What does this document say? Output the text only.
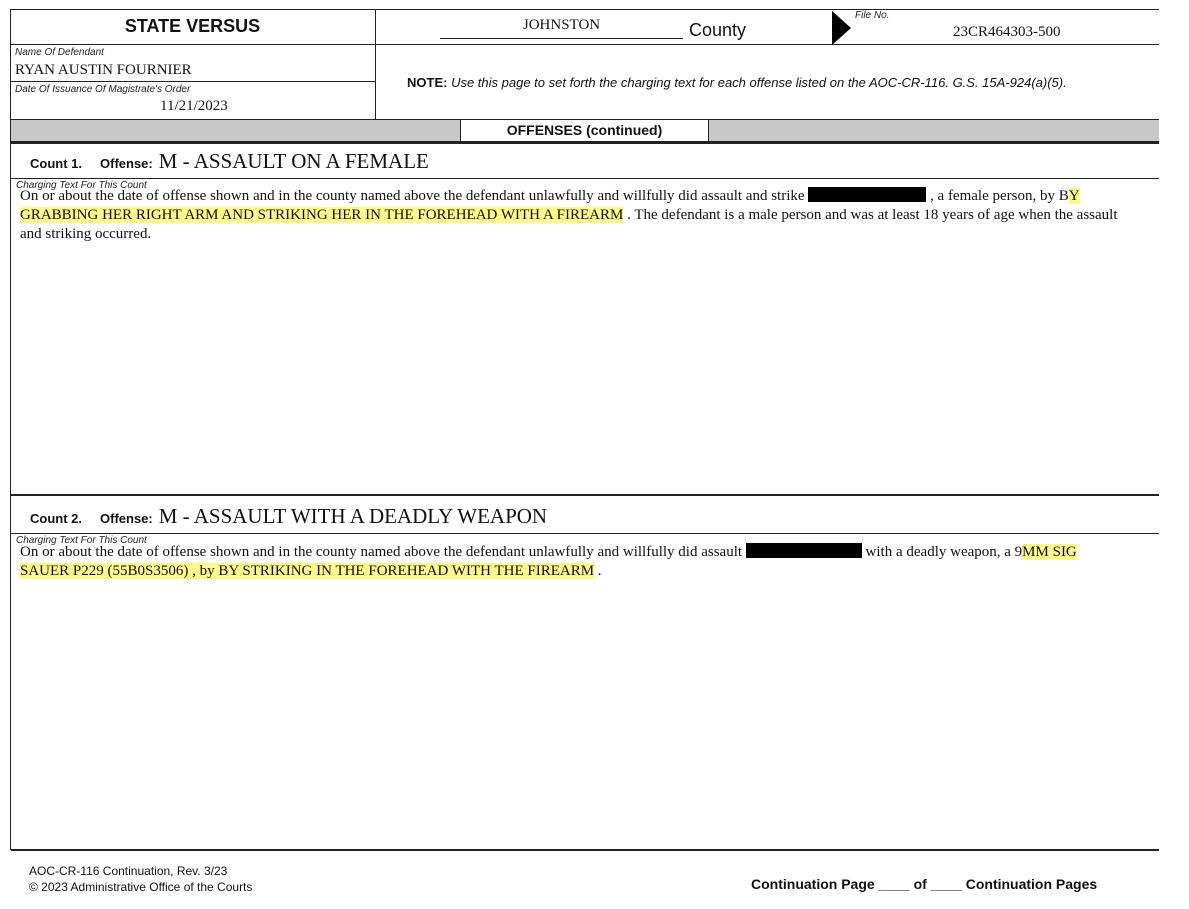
STATE VERSUS	JOHNSTON	County
File No.
23CR464303-500
Name Of Defendant
RYAN AUSTIN FOURNIER
Date Of Issuance Of Magistrate's Order
11/21/2023
NOTE: Use this page to set forth the charging text for each offense listed on the AOC-CR-116. G.S. 15A-924(a)(5).
OFFENSES (continued)
Count 1. Offense: M - ASSAULT ON A FEMALE
Charging Text For This Count
On or about the date of offense shown and in the county named above the defendant unlawfully and willfully did assault and strike	, a female person, by BY
GRABBING HER RIGHT ARM AND STRIKING HER IN THE FOREHEAD WITH A FIREARM . The defendant is a male person and was at least 18 years of age when the assault and striking occurred.
Count 2. Offense: M - ASSAULT WITH A DEADLY WEAPON
Charging Text For This Count
On or about the date of offense shown and in the county named above the defendant unlawfully and willfully did assault	with a deadly weapon, a 9MM SIG
SAUER P229 (55B0S3506) , by BY STRIKING IN THE FOREHEAD WITH THE FIREARM .
AOC-CR-116 Continuation, Rev. 3/23
© 2023 Administrative Office of the Courts	Continuation Page ____ of ____ Continuation Pages
